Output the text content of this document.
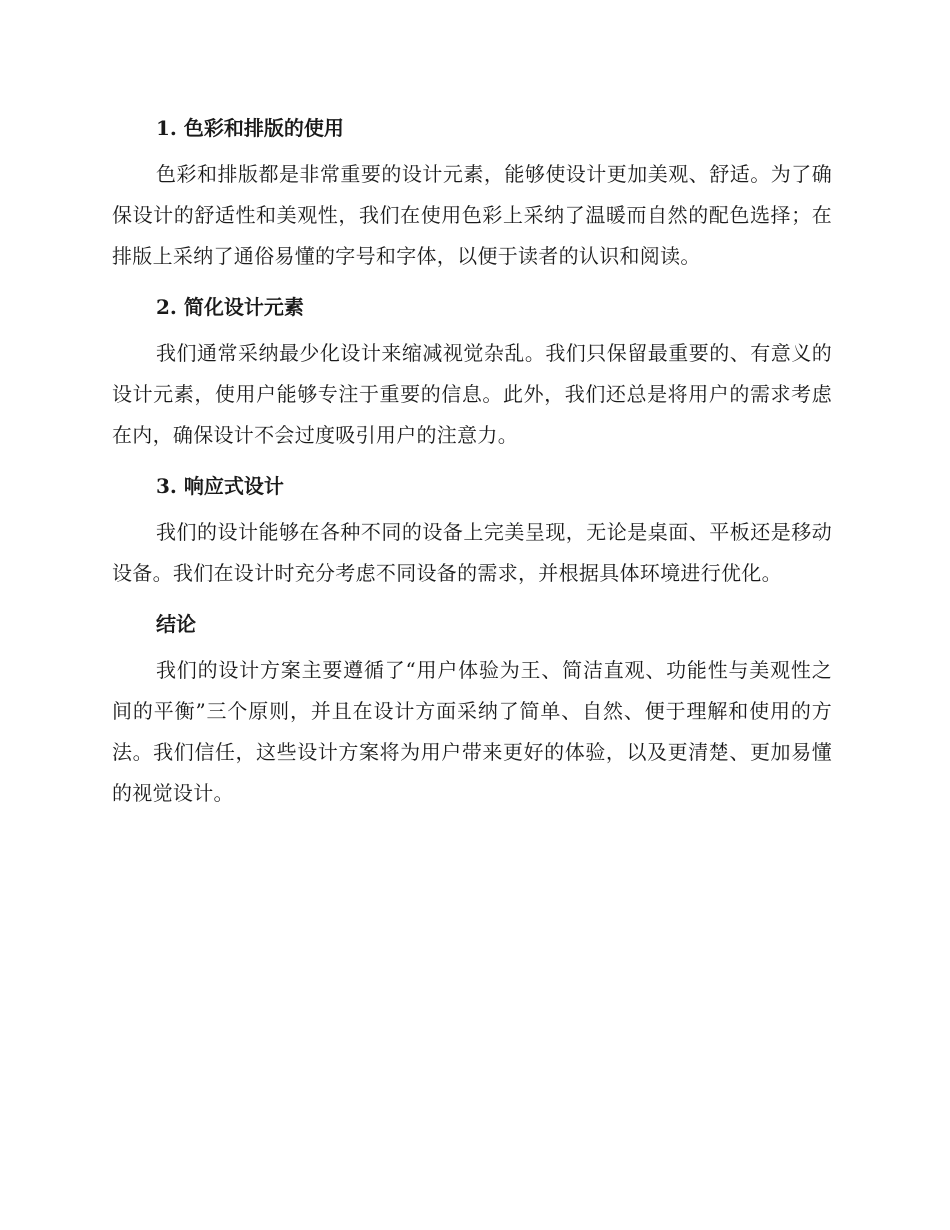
1. 色彩和排版的使用

色彩和排版都是非常重要的设计元素，能够使设计更加美观、舒适。为了确保设计的舒适性和美观性，我们在使用色彩上采纳了温暖而自然的配色选择；在排版上采纳了通俗易懂的字号和字体，以便于读者的认识和阅读。

2. 简化设计元素

我们通常采纳最少化设计来缩减视觉杂乱。我们只保留最重要的、有意义的设计元素，使用户能够专注于重要的信息。此外，我们还总是将用户的需求考虑在内，确保设计不会过度吸引用户的注意力。

3. 响应式设计

我们的设计能够在各种不同的设备上完美呈现，无论是桌面、平板还是移动设备。我们在设计时充分考虑不同设备的需求，并根据具体环境进行优化。

结论

我们的设计方案主要遵循了“用户体验为王、简洁直观、功能性与美观性之间的平衡”三个原则，并且在设计方面采纳了简单、自然、便于理解和使用的方法。我们信任，这些设计方案将为用户带来更好的体验，以及更清楚、更加易懂的视觉设计。
